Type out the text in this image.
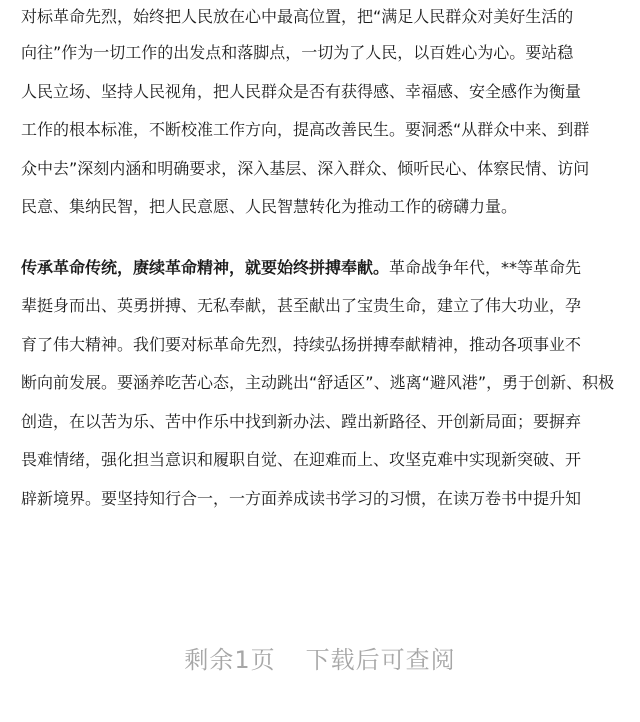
对标革命先烈，始终把人民放在心中最高位置，把“满足人民群众对美好生活的
向往”作为一切工作的出发点和落脚点，一切为了人民，以百姓心为心。要站稳
人民立场、坚持人民视角，把人民群众是否有获得感、幸福感、安全感作为衡量
工作的根本标准，不断校准工作方向，提高改善民生。要洞悉“从群众中来、到群
众中去”深刻内涵和明确要求，深入基层、深入群众、倾听民心、体察民情、访问
民意、集纳民智，把人民意愿、人民智慧转化为推动工作的磅礴力量。
传承革命传统，赓续革命精神，就要始终拼搏奉献。革命战争年代，**等革命先
辈挺身而出、英勇拼搏、无私奉献，甚至献出了宝贵生命，建立了伟大功业，孕
育了伟大精神。我们要对标革命先烈，持续弘扬拼搏奉献精神，推动各项事业不
断向前发展。要涵养吃苦心态，主动跳出“舒适区”、逃离“避风港”，勇于创新、积极
创造，在以苦为乐、苦中作乐中找到新办法、蹚出新路径、开创新局面；要摒弃
畏难情绪，强化担当意识和履职自觉、在迎难而上、攻坚克难中实现新突破、开
辟新境界。要坚持知行合一，一方面养成读书学习的习惯，在读万卷书中提升知
剩余1页 下载后可查阅
